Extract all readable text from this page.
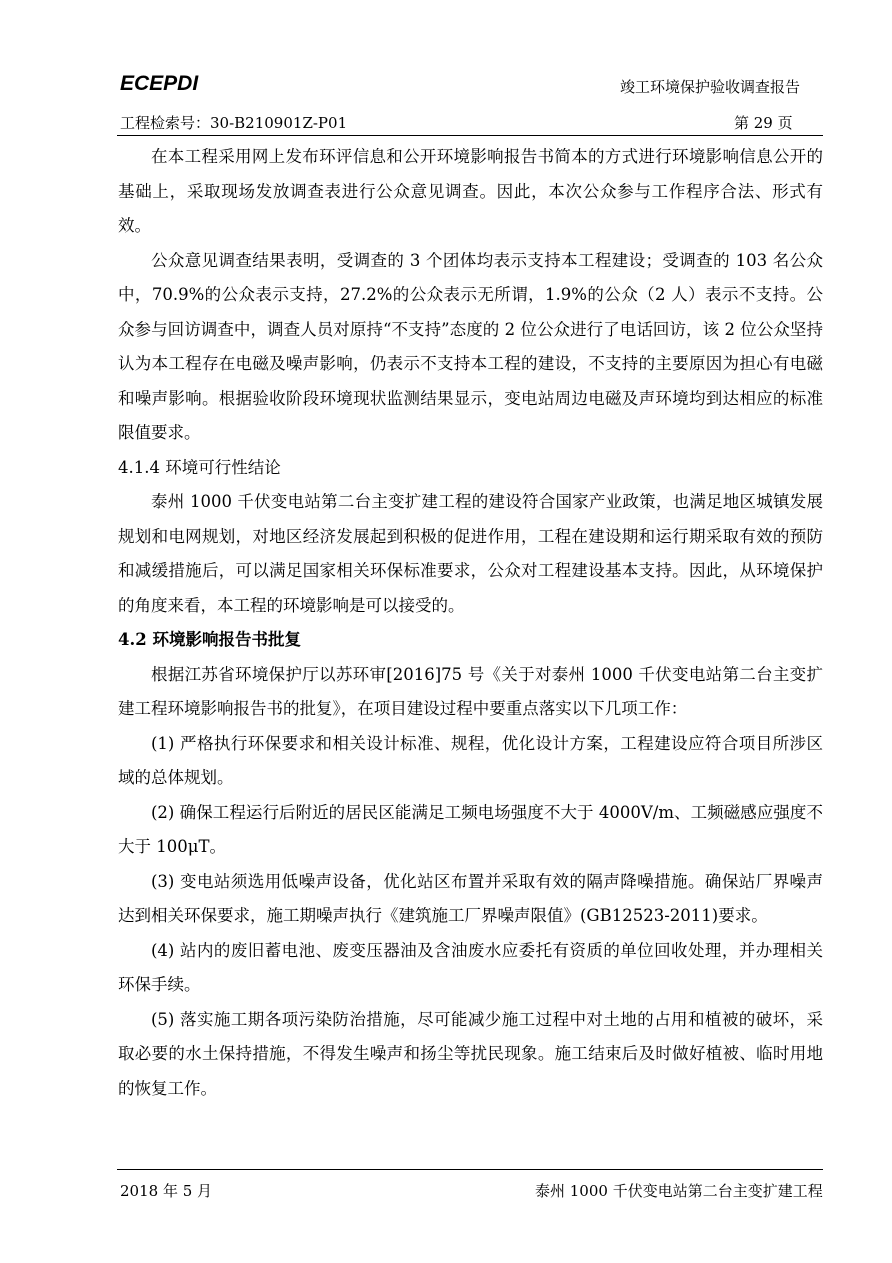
ECEPDI	竣工环境保护验收调查报告
工程检索号：30-B210901Z-P01	第 29 页

在本工程采用网上发布环评信息和公开环境影响报告书简本的方式进行环境影响信息公开的基础上，采取现场发放调查表进行公众意见调查。因此，本次公众参与工作程序合法、形式有效。

公众意见调查结果表明，受调查的 3 个团体均表示支持本工程建设；受调查的 103 名公众中，70.9%的公众表示支持，27.2%的公众表示无所谓，1.9%的公众（2 人）表示不支持。公众参与回访调查中，调查人员对原持“不支持”态度的 2 位公众进行了电话回访，该 2 位公众坚持认为本工程存在电磁及噪声影响，仍表示不支持本工程的建设，不支持的主要原因为担心有电磁和噪声影响。根据验收阶段环境现状监测结果显示，变电站周边电磁及声环境均到达相应的标准限值要求。

4.1.4 环境可行性结论

泰州 1000 千伏变电站第二台主变扩建工程的建设符合国家产业政策，也满足地区城镇发展规划和电网规划，对地区经济发展起到积极的促进作用，工程在建设期和运行期采取有效的预防和减缓措施后，可以满足国家相关环保标准要求，公众对工程建设基本支持。因此，从环境保护的角度来看，本工程的环境影响是可以接受的。

4.2 环境影响报告书批复

根据江苏省环境保护厅以苏环审[2016]75 号《关于对泰州 1000 千伏变电站第二台主变扩建工程环境影响报告书的批复》，在项目建设过程中要重点落实以下几项工作：

(1) 严格执行环保要求和相关设计标准、规程，优化设计方案，工程建设应符合项目所涉区域的总体规划。

(2) 确保工程运行后附近的居民区能满足工频电场强度不大于 4000V/m、工频磁感应强度不大于 100μT。

(3) 变电站须选用低噪声设备，优化站区布置并采取有效的隔声降噪措施。确保站厂界噪声达到相关环保要求，施工期噪声执行《建筑施工厂界噪声限值》(GB12523-2011)要求。

(4) 站内的废旧蓄电池、废变压器油及含油废水应委托有资质的单位回收处理，并办理相关环保手续。

(5) 落实施工期各项污染防治措施，尽可能减少施工过程中对土地的占用和植被的破坏，采取必要的水土保持措施，不得发生噪声和扬尘等扰民现象。施工结束后及时做好植被、临时用地的恢复工作。

2018 年 5 月	泰州 1000 千伏变电站第二台主变扩建工程
